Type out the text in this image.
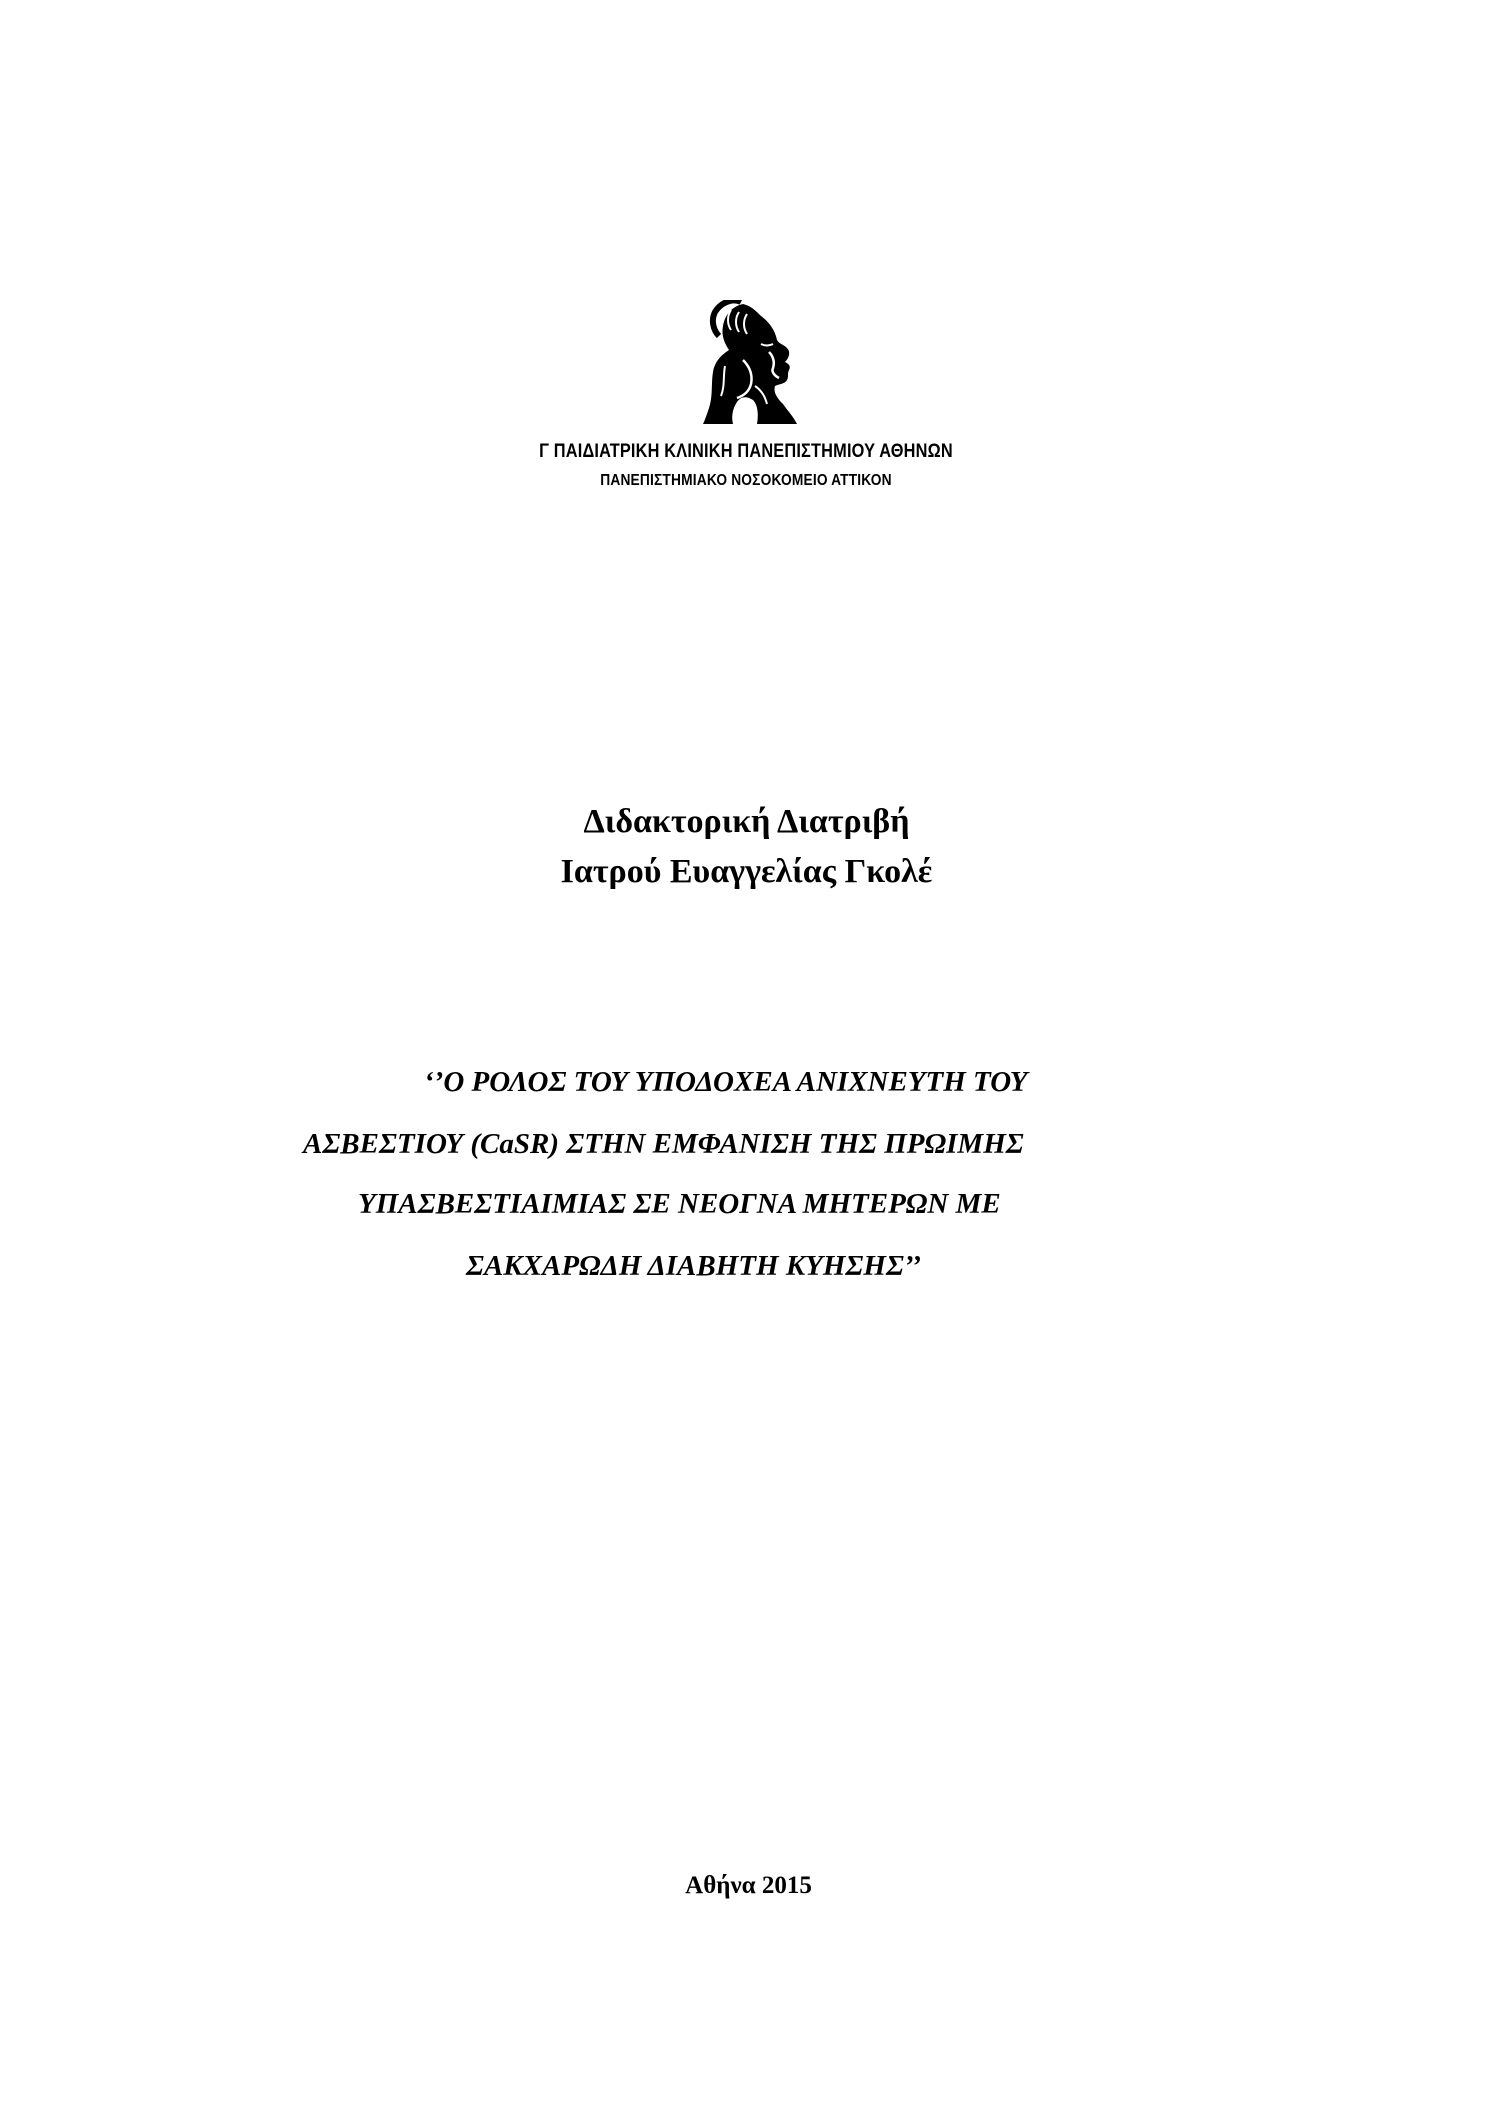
Γ ΠΑΙΔΙΑΤΡΙΚΗ ΚΛΙΝΙΚΗ ΠΑΝΕΠΙΣΤΗΜΙΟΥ ΑΘΗΝΩΝ
ΠΑΝΕΠΙΣΤΗΜΙΑΚΟ ΝΟΣΟΚΟΜΕΙΟ ΑΤΤΙΚΟΝ
Διδακτορική Διατριβή
Ιατρού Ευαγγελίας Γκολέ
‘’Ο ΡΟΛΟΣ ΤΟΥ ΥΠΟΔΟΧΕΑ ΑΝΙΧΝΕΥΤΗ ΤΟΥ
ΑΣΒΕΣΤΙΟΥ (CaSR) ΣΤΗΝ ΕΜΦΑΝΙΣΗ ΤΗΣ ΠΡΩΙΜΗΣ
ΥΠΑΣΒΕΣΤΙΑΙΜΙΑΣ ΣΕ ΝΕΟΓΝΑ ΜΗΤΕΡΩΝ ΜΕ
ΣΑΚΧΑΡΩΔΗ ΔΙΑΒΗΤΗ ΚΥΗΣΗΣ’’
Αθήνα 2015
